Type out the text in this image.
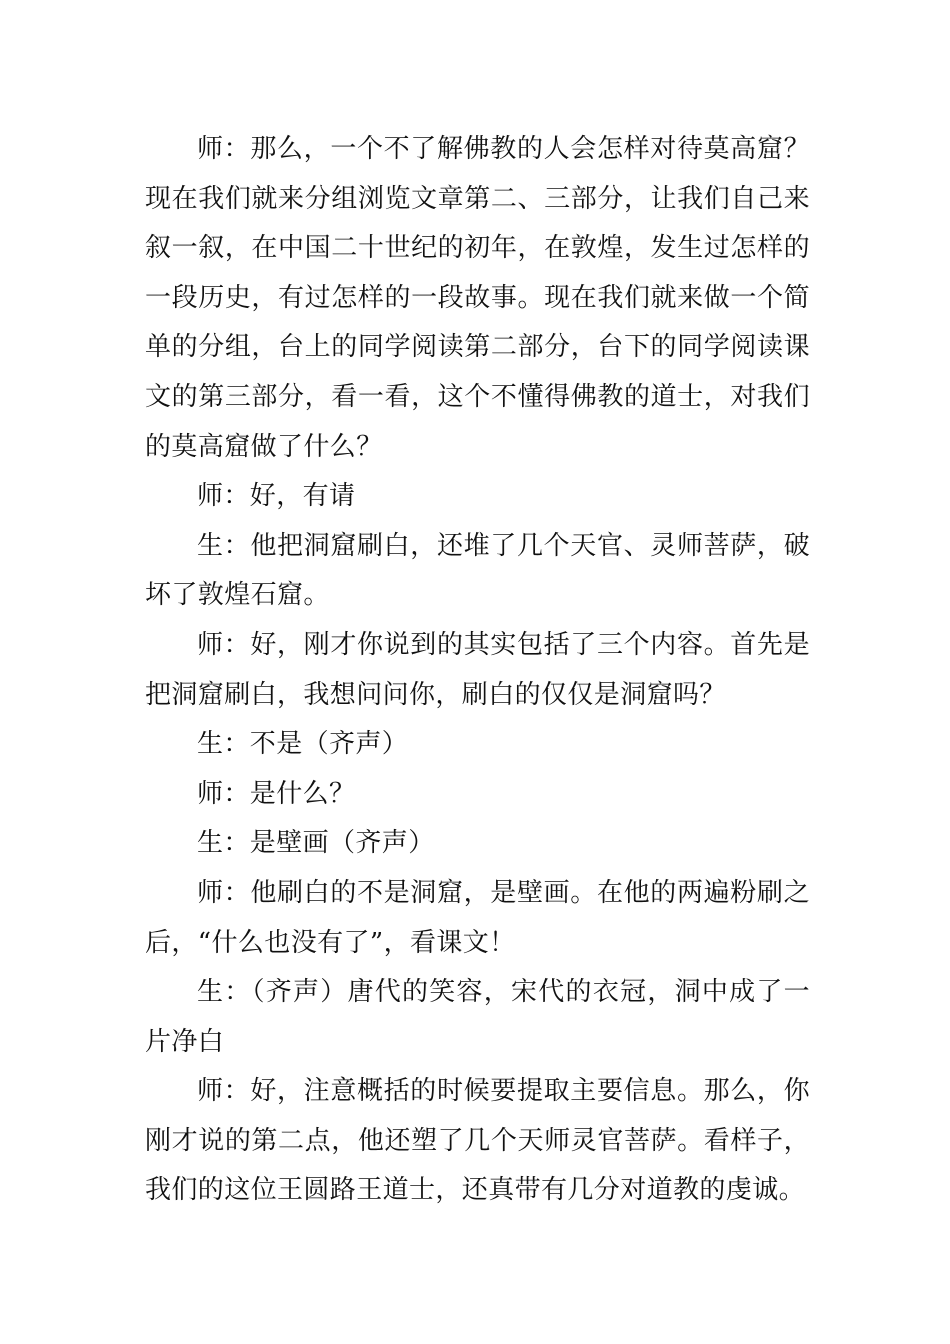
师：那么，一个不了解佛教的人会怎样对待莫高窟？现在我们就来分组浏览文章第二、三部分，让我们自己来叙一叙，在中国二十世纪的初年，在敦煌，发生过怎样的一段历史，有过怎样的一段故事。现在我们就来做一个简单的分组，台上的同学阅读第二部分，台下的同学阅读课文的第三部分，看一看，这个不懂得佛教的道士，对我们的莫高窟做了什么？

师：好，有请

生：他把洞窟刷白，还堆了几个天官、灵师菩萨，破坏了敦煌石窟。

师：好，刚才你说到的其实包括了三个内容。首先是把洞窟刷白，我想问问你，刷白的仅仅是洞窟吗？

生：不是（齐声）

师：是什么？

生：是壁画（齐声）

师：他刷白的不是洞窟，是壁画。在他的两遍粉刷之后，“什么也没有了”，看课文！

生：（齐声）唐代的笑容，宋代的衣冠，洞中成了一片净白

师：好，注意概括的时候要提取主要信息。那么，你刚才说的第二点，他还塑了几个天师灵官菩萨。看样子，我们的这位王圆路王道士，还真带有几分对道教的虔诚。
